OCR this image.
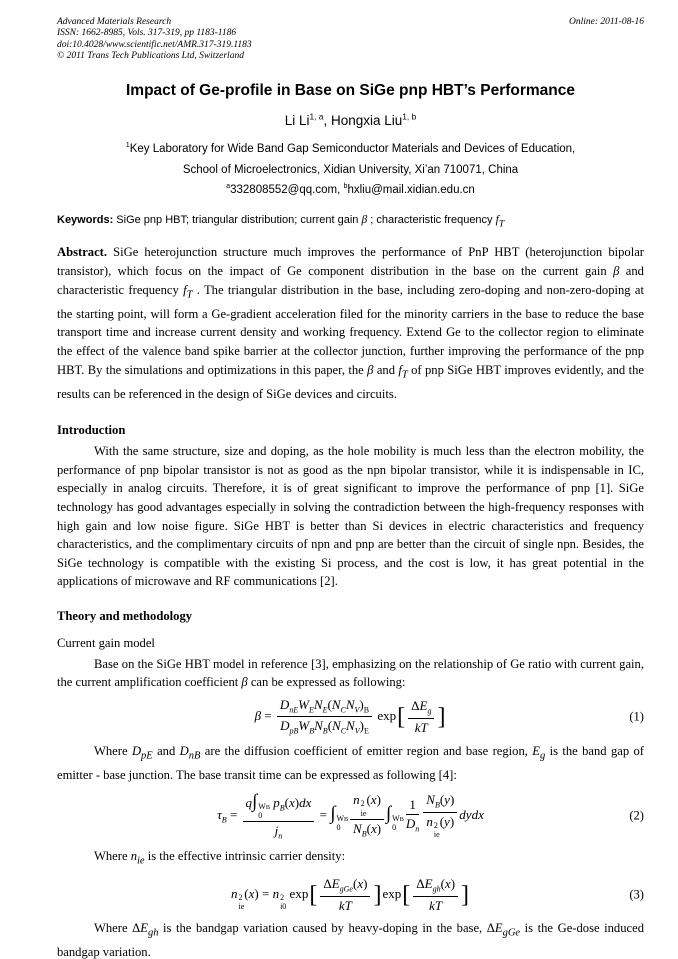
Advanced Materials Research
ISSN: 1662-8985, Vols. 317-319, pp 1183-1186
doi:10.4028/www.scientific.net/AMR.317-319.1183
© 2011 Trans Tech Publications Ltd, Switzerland
Online: 2011-08-16
Impact of Ge-profile in Base on SiGe pnp HBT’s Performance
Li Li$^{1, a}$, Hongxia Liu$^{1, b}$
$^1$Key Laboratory for Wide Band Gap Semiconductor Materials and Devices of Education,
School of Microelectronics, Xidian University, Xi’an 710071, China
$^a$332808552@qq.com, $^b$hxliu@mail.xidian.edu.cn

Keywords: SiGe pnp HBT; triangular distribution; current gain β ; characteristic frequency $f_T$

Abstract. SiGe heterojunction structure much improves the performance of PnP HBT (heterojunction bipolar transistor), which focus on the impact of Ge component distribution in the base on the current gain β and characteristic frequency $f_T$ . The triangular distribution in the base, including zero-doping and non-zero-doping at the starting point, will form a Ge-gradient acceleration filed for the minority carriers in the base to reduce the base transport time and increase current density and working frequency. Extend Ge to the collector region to eliminate the effect of the valence band spike barrier at the collector junction, further improving the performance of the pnp HBT. By the simulations and optimizations in this paper, the β and $f_T$ of pnp SiGe HBT improves evidently, and the results can be referenced in the design of SiGe devices and circuits.

Introduction

With the same structure, size and doping, as the hole mobility is much less than the electron mobility, the performance of pnp bipolar transistor is not as good as the npn bipolar transistor, while it is indispensable in IC, especially in analog circuits. Therefore, it is of great significant to improve the performance of pnp [1]. SiGe technology has good advantages especially in solving the contradiction between the high-frequency responses with high gain and low noise figure. SiGe HBT is better than Si devices in electric characteristics and frequency characteristics, and the complimentary circuits of npn and pnp are better than the circuit of single npn. Besides, the SiGe technology is compatible with the existing Si process, and the cost is low, it has great potential in the applications of microwave and RF communications [2].

Theory and methodology

Current gain model

Base on the SiGe HBT model in reference [3], emphasizing on the relationship of Ge ratio with current gain, the current amplification coefficient β can be expressed as following:

$\beta = \frac{D_{nE}W_EN_E(N_CN_V)_B}{D_{pB}W_BN_B(N_CN_V)_E} \exp[ \frac{\Delta E_g}{kT}$ ]	(1)

Where $D_{pE}$ and $D_{nB}$ are the diffusion coefficient of emitter region and base region, $E_g$ is the band gap of emitter - base junction. The base transit time can be expressed as following [4]:

$\tau_B = q\int$ WB
0
$p_B(x)dx$
$j_n$ = ∫ WB
0 n 2
ie
(x)
$N_B(x)$ ∫ WB
$0 \frac{1}{D_n} N_B(y)$
n 2
ie
(y) dydx	(2)

Where $n_{ie}$ is the effective intrinsic carrier density:

n 2
ie
(x) = n 2
i0
$\exp[ \frac{\Delta E_{gGe}(x)}{kT} ]\exp[ \frac{\Delta E_{gh}(x)}{kT}$ ]	(3)

Where $\Delta E_{gh}$ is the bandgap variation caused by heavy-doping in the base, $\Delta E_{gGe}$ is the Ge-dose induced bandgap variation.
